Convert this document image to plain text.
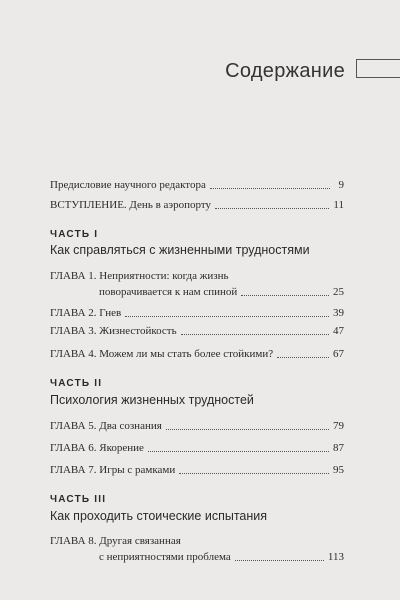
Содержание
Предисловие научного редактора	9
ВСТУПЛЕНИЕ. День в аэропорту	11
ЧАСТЬ I
Как справляться с жизненными трудностями
ГЛАВА 1. Неприятности: когда жизнь
поворачивается к нам спиной	25
ГЛАВА 2. Гнев	39
ГЛАВА 3. Жизнестойкость	47
ГЛАВА 4. Можем ли мы стать более стойкими?	67
ЧАСТЬ II
Психология жизненных трудностей
ГЛАВА 5. Два сознания	79
ГЛАВА 6. Якорение	87
ГЛАВА 7. Игры с рамками	95
ЧАСТЬ III
Как проходить стоические испытания
ГЛАВА 8. Другая связанная
с неприятностями проблема	113
